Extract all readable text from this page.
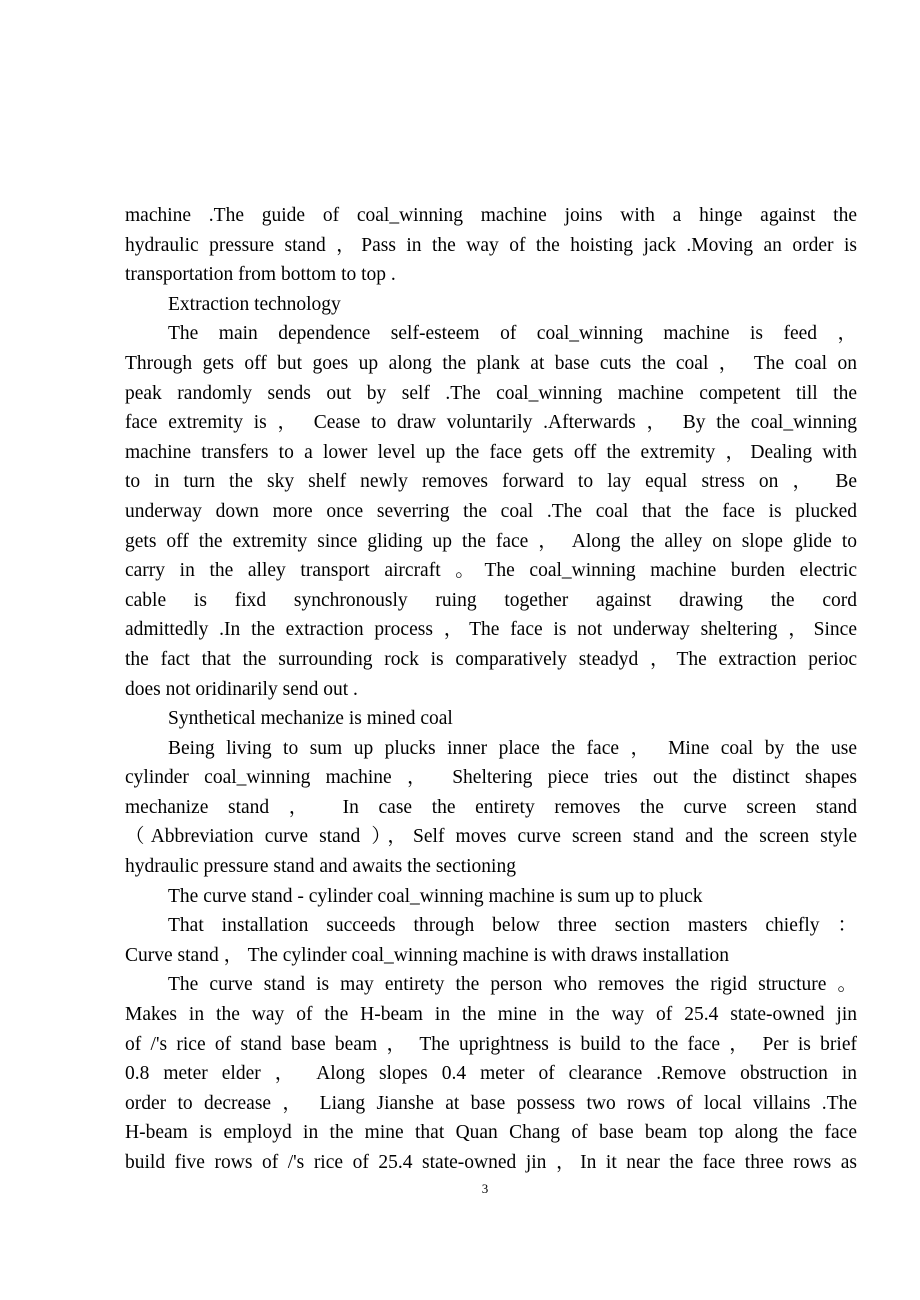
machine .The guide of coal_winning machine joins with a hinge against the
hydraulic pressure stand ，Pass in the way of the hoisting jack .Moving an order is
transportation from bottom to top .
Extraction technology
The main dependence self-esteem of coal_winning machine is feed ，
Through gets off but goes up along the plank at base cuts the coal ， The coal on
peak randomly sends out by self .The coal_winning machine competent till the
face extremity is ， Cease to draw voluntarily .Afterwards ， By the coal_winning
machine transfers to a lower level up the face gets off the extremity ，Dealing with
to in turn the sky shelf newly removes forward to lay equal stress on ， Be
underway down more once severring the coal .The coal that the face is plucked
gets off the extremity since gliding up the face ， Along the alley on slope glide to
carry in the alley transport aircraft 。The coal_winning machine burden electric
cable is fixd synchronously ruing together against drawing the cord
admittedly .In the extraction process ，The face is not underway sheltering ，Since
the fact that the surrounding rock is comparatively steadyd ，The extraction perioc
does not oridinarily send out .
Synthetical mechanize is mined coal
Being living to sum up plucks inner place the face ， Mine coal by the use
cylinder coal_winning machine ， Sheltering piece tries out the distinct shapes
mechanize stand ， In case the entirety removes the curve screen stand
（Abbreviation curve stand ），Self moves curve screen stand and the screen style
hydraulic pressure stand and awaits the sectioning
The curve stand - cylinder coal_winning machine is sum up to pluck
That installation succeeds through below three section masters chiefly ：
Curve stand ， The cylinder coal_winning machine is with draws installation
The curve stand is may entirety the person who removes the rigid structure 。
Makes in the way of the H-beam in the mine in the way of 25.4 state-owned jin
of /'s rice of stand base beam ， The uprightness is build to the face ， Per is brief
0.8 meter elder ， Along slopes 0.4 meter of clearance .Remove obstruction in
order to decrease ， Liang Jianshe at base possess two rows of local villains .The
H-beam is employd in the mine that Quan Chang of base beam top along the face
build five rows of /'s rice of 25.4 state-owned jin ，In it near the face three rows as
3
